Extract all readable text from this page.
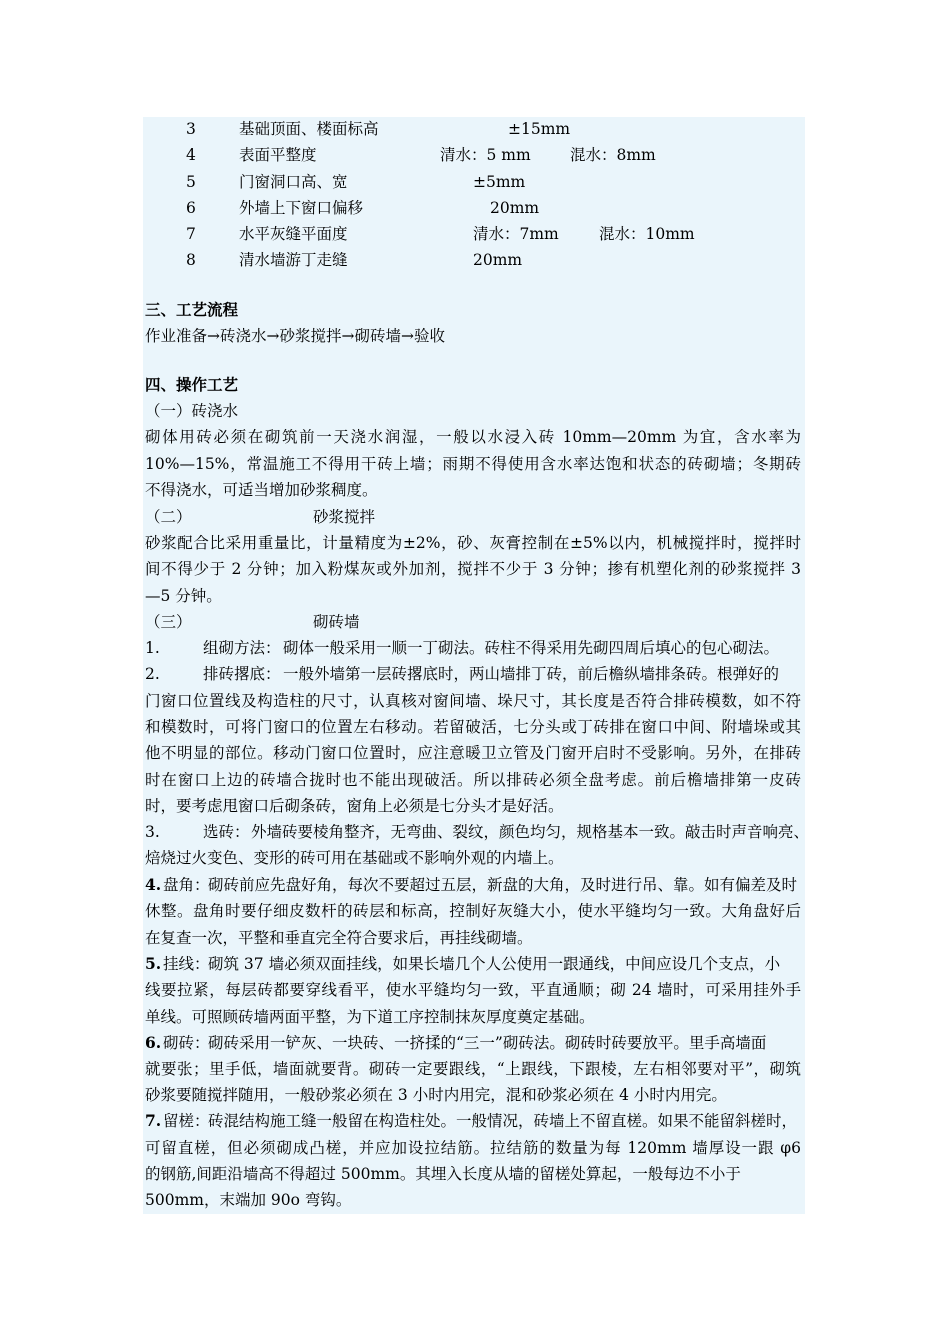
3	基础顶面、楼面标高	±15mm
4	表面平整度	清水：5 mm	混水：8mm
5	门窗洞口高、宽	±5mm
6	外墙上下窗口偏移	20mm
7	水平灰缝平面度	清水：7mm	混水：10mm
8	清水墙游丁走缝	20mm
三、工艺流程
作业准备→砖浇水→砂浆搅拌→砌砖墙→验收
四、操作工艺
（一）砖浇水
砌体用砖必须在砌筑前一天浇水润湿，一般以水浸入砖 10mm—20mm 为宜，含水率为
10%—15%，常温施工不得用干砖上墙；雨期不得使用含水率达饱和状态的砖砌墙；冬期砖
不得浇水，可适当增加砂浆稠度。
（二）	砂浆搅拌
砂浆配合比采用重量比，计量精度为±2%，砂、灰膏控制在±5%以内，机械搅拌时，搅拌时
间不得少于 2 分钟；加入粉煤灰或外加剂，搅拌不少于 3 分钟；掺有机塑化剂的砂浆搅拌 3
—5 分钟。
（三）	砌砖墙
1.	组砌方法： 砌体一般采用一顺一丁砌法。砖柱不得采用先砌四周后填心的包心砌法。
2.	排砖撂底： 一般外墙第一层砖撂底时，两山墙排丁砖，前后檐纵墙排条砖。根弹好的
门窗口位置线及构造柱的尺寸，认真核对窗间墙、垛尺寸，其长度是否符合排砖模数，如不符
和模数时，可将门窗口的位置左右移动。若留破活，七分头或丁砖排在窗口中间、附墙垛或其
他不明显的部位。移动门窗口位置时，应注意暖卫立管及门窗开启时不受影响。另外，在排砖
时在窗口上边的砖墙合拢时也不能出现破活。所以排砖必须全盘考虑。前后檐墙排第一皮砖
时，要考虑甩窗口后砌条砖，窗角上必须是七分头才是好活。
3.	选砖： 外墙砖要棱角整齐，无弯曲、裂纹，颜色均匀，规格基本一致。敲击时声音响亮、
焙烧过火变色、变形的砖可用在基础或不影响外观的内墙上。
4. 盘角：
砌砖前应先盘好角，每次不要超过五层，新盘的大角，及时进行吊、靠。如有偏差及时
休整。盘角时要仔细皮数杆的砖层和标高，控制好灰缝大小，使水平缝均匀一致。大角盘好后
在复查一次，平整和垂直完全符合要求后，再挂线砌墙。
5. 挂线：
砌筑 37 墙必须双面挂线，如果长墙几个人公使用一跟通线，中间应设几个支点，小
线要拉紧，每层砖都要穿线看平，使水平缝均匀一致，平直通顺；砌 24 墙时，可采用挂外手
单线。可照顾砖墙两面平整，为下道工序控制抹灰厚度奠定基础。
6. 砌砖：
砌砖采用一铲灰、一块砖、一挤揉的“三一”砌砖法。砌砖时砖要放平。里手高墙面
就要张；里手低，墙面就要背。砌砖一定要跟线，“上跟线，下跟棱，左右相邻要对平”，砌筑
砂浆要随搅拌随用，一般砂浆必须在 3 小时内用完，混和砂浆必须在 4 小时内用完。
7. 留槎：
砖混结构施工缝一般留在构造柱处。一般情况，砖墙上不留直槎。如果不能留斜槎时，
可留直槎，但必须砌成凸槎，并应加设拉结筋。拉结筋的数量为每 120mm 墙厚设一跟 φ6
的钢筋,间距沿墙高不得超过 500mm。其埋入长度从墙的留槎处算起，一般每边不小于
500mm，末端加 90o 弯钩。
